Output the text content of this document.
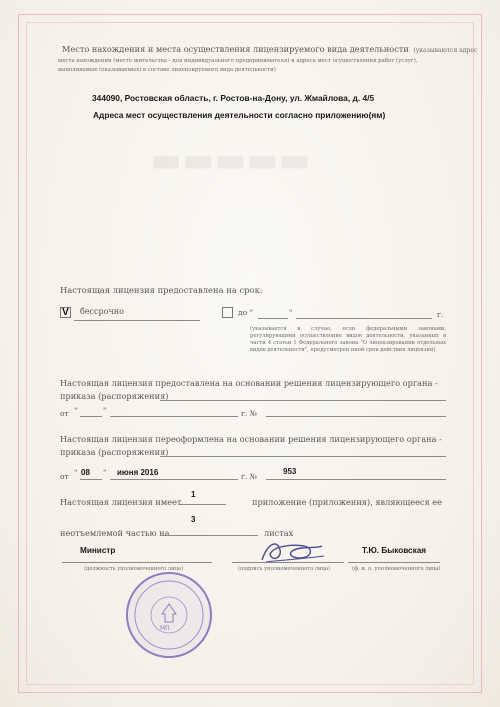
▬▬▬▬▬
Место нахождения и места осуществления лицензируемого вида деятельности (указываются адрес
места нахождения (место жительства - для индивидуального предпринимателя) и адреса мест осуществления работ (услуг),
выполняемых (оказываемых) в составе лицензируемого вида деятельности)
344090, Ростовская область, г. Ростов-на-Дону, ул. Жмайлова, д. 4/5
Адреса мест осуществления деятельности согласно приложению(ям)
Настоящая лицензия предоставлена на срок:
V бессрочно	до "	"	г.
(указывается в случае, если федеральными законами, регулирующими осуществление видов деятельности, указанных в части 4 статьи 1 Федерального закона "О лицензировании отдельных видов деятельности", предусмотрен иной срок действия лицензии)
Настоящая лицензия предоставлена на основании решения лицензирующего органа -
приказа (распоряжения)
от "	"	г. №
Настоящая лицензия переоформлена на основании решения лицензирующего органа -
приказа (распоряжения)
от " 08 " июня 2016	г. №
953
Настоящая лицензия имеет
1
приложение (приложения), являющееся ее
неотъемлемой частью на
3
листах
Министр
(должность уполномоченного лица)	(подпись уполномоченного лица)
Т.Ю. Быковская
(ф. и. о. уполномоченного лица)
МП
